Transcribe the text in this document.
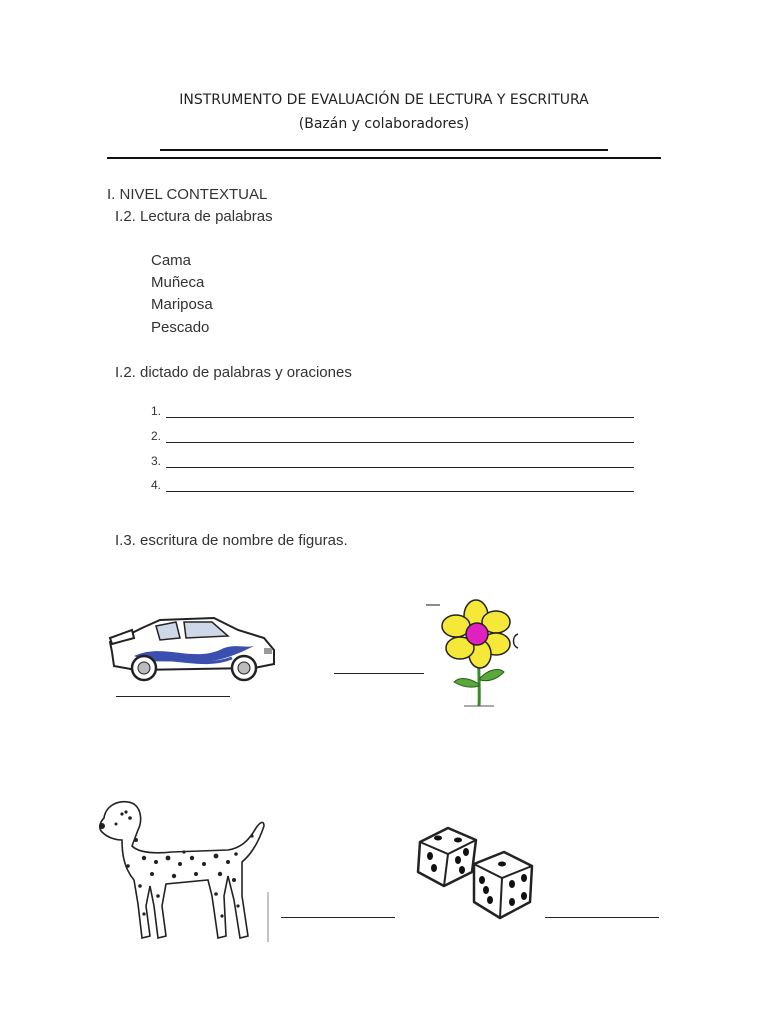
INSTRUMENTO DE EVALUACIÓN DE LECTURA Y ESCRITURA
(Bazán y colaboradores)
I. NIVEL CONTEXTUAL
I.2. Lectura de palabras
Cama
Muñeca
Mariposa
Pescado
I.2. dictado de palabras y oraciones
1.
2.
3.
4.
I.3. escritura de nombre de figuras.
